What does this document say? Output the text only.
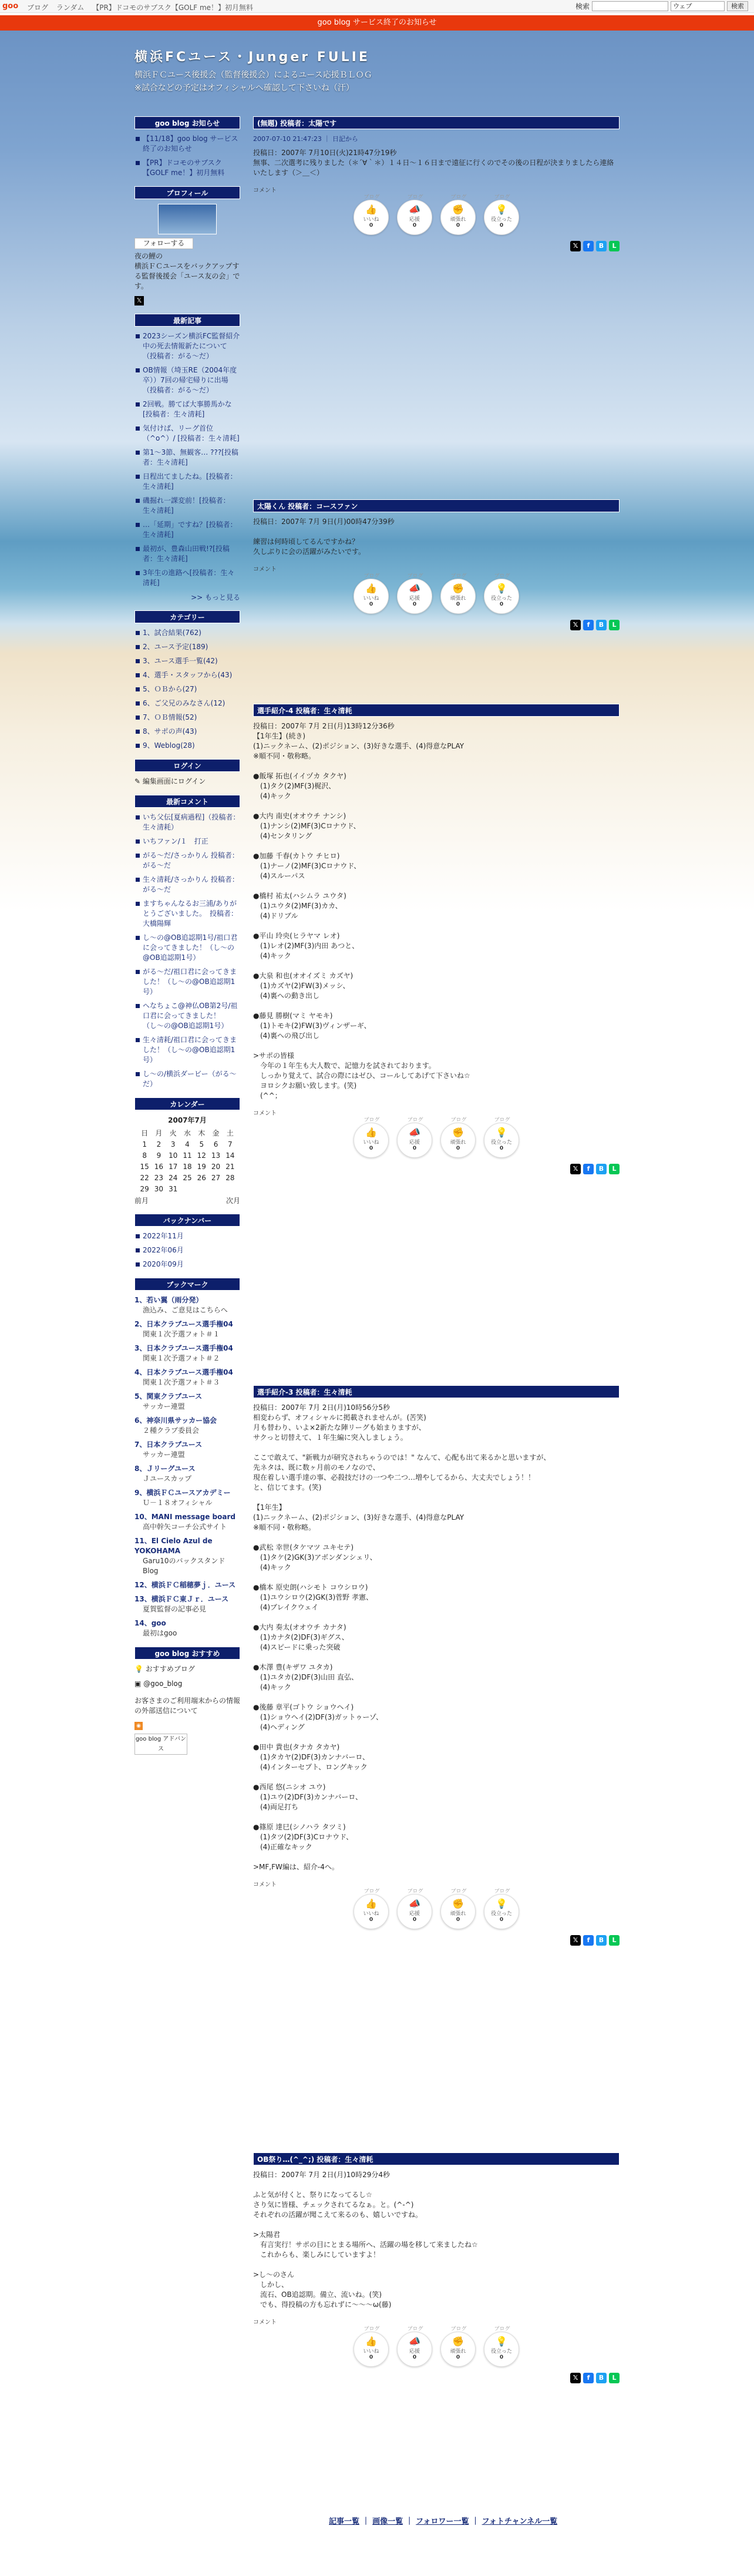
goo ブログ ランダム 【PR】ドコモのサブスク【GOLF me！】初月無料	検索	ウェブ	検索
goo blog サービス終了のお知らせ
横浜FCユース・Junger FULIE
横浜ＦＣユース後援会（監督後援会）によるユース応援ＢＬＯＧ
※試合などの予定はオフィシャルへ確認して下さいね（汗）
goo blog お知らせ
【11/18】goo blog サービス終了のお知らせ
【PR】ドコモのサブスク【GOLF me！】初月無料
プロフィール
フォローする
夜の鯉の
横浜ＦＣユースをバックアップする監督後援会「ユース友の会」です。
𝕏
最新記事
2023シーズン横浜FC監督紹介中の死去情報新たについて（投稿者：がる〜だ）
OB情報（埼玉RE（2004年度卒））7回の帰宅帰りに出場（投稿者：がる〜だ）
2回戦。勝てば大事勝馬かな[投稿者：生々清耗]
気付けば、リーグ首位（^o^）/ [投稿者：生々清耗]
第1〜3節、無観客… ???[投稿者：生々清耗]
日程出てましたね。[投稿者：生々清耗]
磯掘れ一課変前！[投稿者：生々清耗]
…「延期」ですね？[投稿者：生々清耗]
最初が、豊森山田戦!?[投稿者：生々清耗]
3年生の進路へ[投稿者：生々清耗]
>> もっと見る
カテゴリー
1、試合結果(762)
2、ユース予定(189)
3、ユース選手一覧(42)
4、選手・スタッフから(43)
5、ＯＢから(27)
6、ご父兄のみなさん(12)
7、ＯＢ情報(52)
8、サポの声(43)
9、Weblog(28)
ログイン
✎ 編集画面にログイン
最新コメント
いち父伝[夏病過程]（投稿者：生々清耗）
いちファン/１　打正
がる〜だ/さっかりん 投稿者：がる〜だ
生々清耗/さっかりん 投稿者：がる〜だ
ますちゃんなるお三浦/ありがとうございました。　投稿者：大橋陽輝
し〜の@OB追認期1号/祖口君に会ってきました！（し〜の@OB追認期1号）
がる〜だ/祖口君に会ってきました！（し〜の@OB追認期1号）
へなちょこ@神仏OB第2号/祖口君に会ってきました！（し〜の@OB追認期1号）
生々清耗/祖口君に会ってきました！（し〜の@OB追認期1号）
し〜の/横浜ダービー（がる〜だ）
カレンダー
2007年7月
日	月	火	水	木	金	土
1	2	3	4	5	6	7
8	9	10	11	12	13	14
15	16	17	18	19	20	21
22	23	24	25	26	27	28
29	30	31				
前月	次月
バックナンバー
2022年11月
2022年06月
2020年09月
ブックマーク
1、若い翼（雨分発）
漁込み、ご意見はこちらへ
2、日本クラブユース選手権04
関東１次予選フォト＃１
3、日本クラブユース選手権04
関東１次予選フォト＃２
4、日本クラブユース選手権04
関東１次予選フォト＃３
5、関東クラブユース
サッカー連盟
6、神奈川県サッカー協会
２種クラブ委員会
7、日本クラブユース
サッカー連盟
8、Ｊリーグユース
Ｊユースカップ
9、横浜ＦＣユースアカデミー
Ｕ－１８オフィシャル
10、MANI message board
高中幹矢コーチ公式サイト
11、El Cielo Azul de YOKOHAMA
Garu10のバックスタンドBlog
12、横浜ＦＣ稲穂夢ｊ．ユース
13、横浜ＦＣ東Ｊｒ．ユース
夏賀監督の記事必見
14、goo
最初はgoo
goo blog おすすめ
💡 おすすめブログ
▣ @goo_blog
お客さまのご利用端末からの情報の外部送信について
◉
goo blog アドバンス
(無題) 投稿者：太陽です
2007-07-10 21:47:23 ｜ 日記から
投稿日：2007年 7月10日(火)21時47分19秒
無事、二次選考に残りました（＊´∀｀＊）１４日〜１６日まで遠征に行くのでその後の日程が決まりましたら連絡いたします（＞＿＜）
コメント
ブログ
👍
いいね
0
ブログ
📣
応援
0
ブログ
✊
頑張れ
0
ブログ
💡
役立った
0
𝕏	f	B	L
太陽くん 投稿者：コースファン
投稿日：2007年 7月 9日(月)00時47分39秒

練習は何時頃してるんですかね？
久しぶりに会の活躍がみたいです。
コメント
ブログ
👍
いいね
0
ブログ
📣
応援
0
ブログ
✊
頑張れ
0
ブログ
💡
役立った
0
𝕏	f	B	L
選手紹介-4 投稿者：生々清耗
投稿日：2007年 7月 2日(月)13時12分36秒
【1年生】(続き)
(1)ニックネーム、(2)ポジション、(3)好きな選手、(4)得意なPLAY
※順不同・敬称略。

●飯塚 拓也(イイヅカ タクヤ)
　(1)タク(2)MF(3)梶沢、
　(4)キック

●大内 南史(オオウチ ナンシ)
　(1)ナンシ(2)MF(3)Cロナウド、
　(4)センタリング

●加藤 千春(カトウ チヒロ)
　(1)ナーノ(2)MF(3)Cロナウド、
　(4)スルーパス

●橋村 祐太(ハシムラ ユウタ)
　(1)ユウタ(2)MF(3)カカ、
　(4)ドリブル

●平山 玲央(ヒラヤマ レオ)
　(1)レオ(2)MF(3)内田 あつと、
　(4)キック

●大泉 和也(オオイズミ カズヤ)
　(1)カズヤ(2)FW(3)メッシ、
　(4)裏への動き出し

●藤見 勝樹(マミ ヤモキ)
　(1)トモキ(2)FW(3)ヴィンザーギ、
　(4)裏への飛び出し

>サポの皆様
　今年の１年生も大人数で、記憶力を試されております。
　しっかり覚えて、試合の際にはゼひ、コールしてあげて下さいね☆
　ヨロシクお願い致します。(笑)
　(^^；
コメント
ブログ
👍
いいね
0
ブログ
📣
応援
0
ブログ
✊
頑張れ
0
ブログ
💡
役立った
0
𝕏	f	B	L
選手紹介-3 投稿者：生々清耗
投稿日：2007年 7月 2日(月)10時56分5秒
相変わらず、オフィシャルに掲載されませんが。(苦笑)
月も替わり、いよ×2新たな陣リーグも始まりますが、
サクっと切替えて、１年生編に突入しましょう。

ここで敢えて、"新戦力が研究されちゃうのでは！" なんて、心配も出て来るかと思いますが、
先ネタは、既に数ヶ月前のモノなので、
現在着しい選手達の事、必殺技だけの一つや二つ…増やしてるから、大丈夫でしょう！！
と、信じてます。(笑)

【1年生】
(1)ニックネーム、(2)ポジション、(3)好きな選手、(4)得意なPLAY
※順不同・敬称略。

●武松 幸世(タケマツ ユキセテ)
　(1)タケ(2)GK(3)アボンダンシェリ、
　(4)キック

●橋本 原史朗(ハシモト コウシロウ)
　(1)ユウシロウ(2)GK(3)菅野 孝憲、
　(4)ブレイクウェイ

●大内 奏太(オオウチ カナタ)
　(1)カナタ(2)DF(3)ギグス、
　(4)スピードに乗った突破

●木澤 豊(キザワ ユタカ)
　(1)ユタカ(2)DF(3)山田 直弘、
　(4)キック

●後藤 章平(ゴトウ ショウヘイ)
　(1)ショウヘイ(2)DF(3)ガットゥーゾ、
　(4)ヘディング

●田中 貴也(タナカ タカヤ)
　(1)タカヤ(2)DF(3)カンナバーロ、
　(4)インターセプト、ロングキック

●西尾 悠(ニシオ ユウ)
　(1)ユウ(2)DF(3)カンナバーロ、
　(4)両足打ち

●篠原 達巳(シノハラ タツミ)
　(1)タツ(2)DF(3)Cロナウド、
　(4)正確なキック

>MF,FW編は、紹介-4へ。
コメント
ブログ
👍
いいね
0
ブログ
📣
応援
0
ブログ
✊
頑張れ
0
ブログ
💡
役立った
0
𝕏	f	B	L
OB祭り…(^_^;) 投稿者：生々清耗
投稿日：2007年 7月 2日(月)10時29分4秒

ふと気が付くと、祭りになってるし☆
さり気に皆様、チェックされてるなぁ。と。(^-^)
それぞれの活躍が聞こえて来るのも、嬉しいですね。

>太陽君
　有言実行！サポの目にとまる場所へ、活躍の場を移して来ましたね☆
　これからも、楽しみにしていますよ！

>し〜のさん
　しかし、
　流石、OB追認期。備立、流いね。(笑)
　でも、得投稿の方も忘れずに〜〜〜ω(藤)
コメント
ブログ
👍
いいね
0
ブログ
📣
応援
0
ブログ
✊
頑張れ
0
ブログ
💡
役立った
0
𝕏	f	B	L
記事一覧 ｜ 画像一覧 ｜ フォロワー一覧 ｜ フォトチャンネル一覧
